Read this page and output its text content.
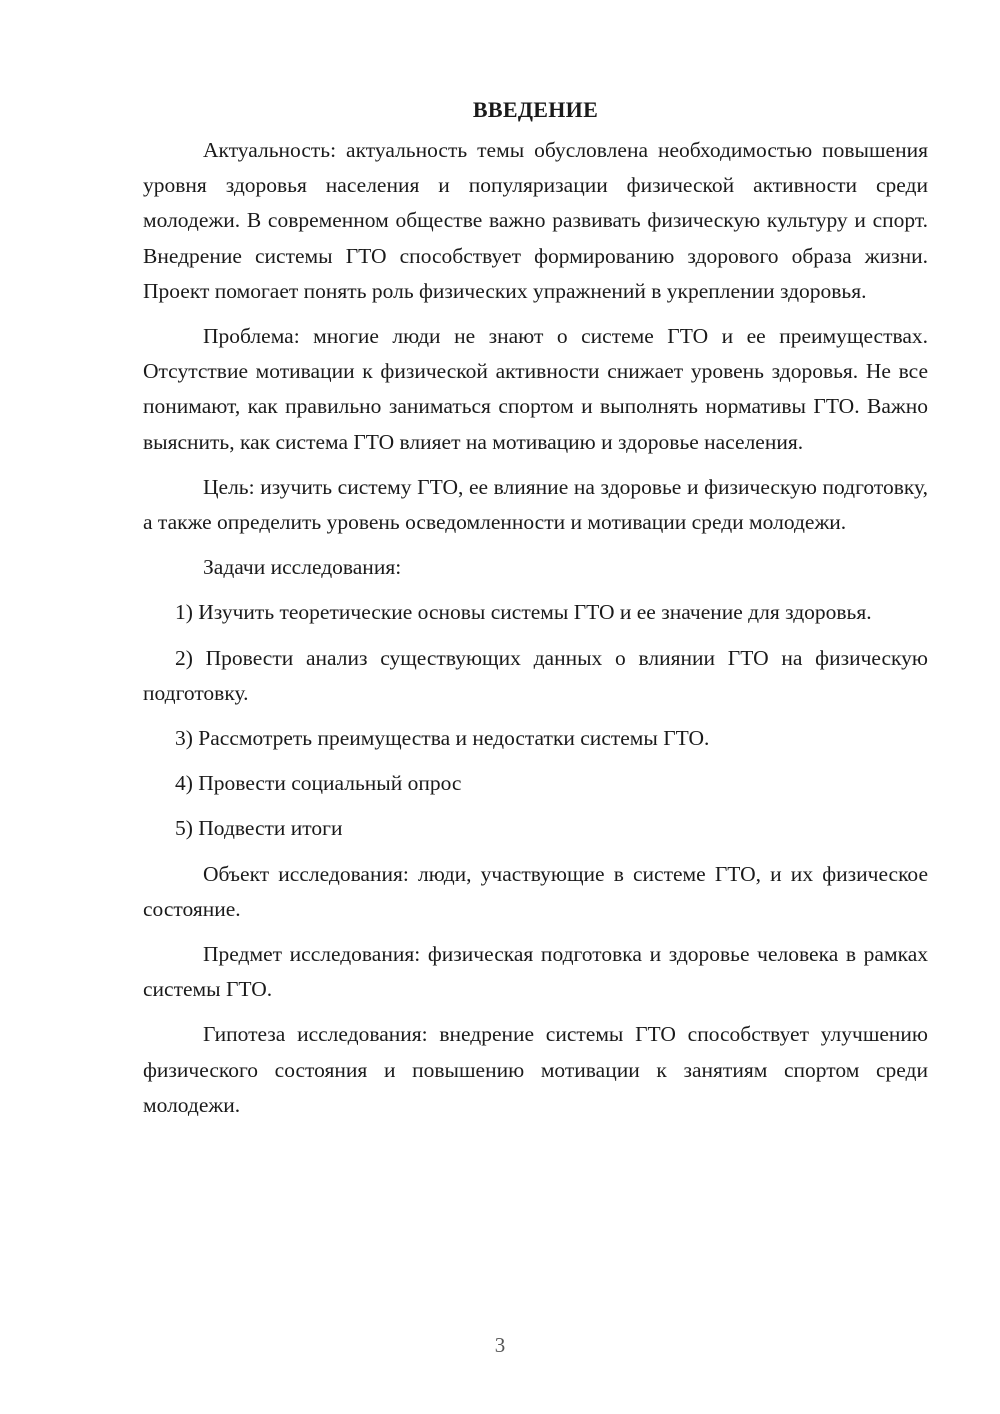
ВВЕДЕНИЕ

Актуальность: актуальность темы обусловлена необходимостью повышения уровня здоровья населения и популяризации физической активности среди молодежи. В современном обществе важно развивать физическую культуру и спорт. Внедрение системы ГТО способствует формированию здорового образа жизни. Проект помогает понять роль физических упражнений в укреплении здоровья.

Проблема: многие люди не знают о системе ГТО и ее преимуществах. Отсутствие мотивации к физической активности снижает уровень здоровья. Не все понимают, как правильно заниматься спортом и выполнять нормативы ГТО. Важно выяснить, как система ГТО влияет на мотивацию и здоровье населения.

Цель: изучить систему ГТО, ее влияние на здоровье и физическую подготовку, а также определить уровень осведомленности и мотивации среди молодежи.

Задачи исследования:

1) Изучить теоретические основы системы ГТО и ее значение для здоровья.

2) Провести анализ существующих данных о влиянии ГТО на физическую подготовку.

3) Рассмотреть преимущества и недостатки системы ГТО.

4) Провести социальный опрос

5) Подвести итоги

Объект исследования: люди, участвующие в системе ГТО, и их физическое состояние.

Предмет исследования: физическая подготовка и здоровье человека в рамках системы ГТО.

Гипотеза исследования: внедрение системы ГТО способствует улучшению физического состояния и повышению мотивации к занятиям спортом среди молодежи.

3
